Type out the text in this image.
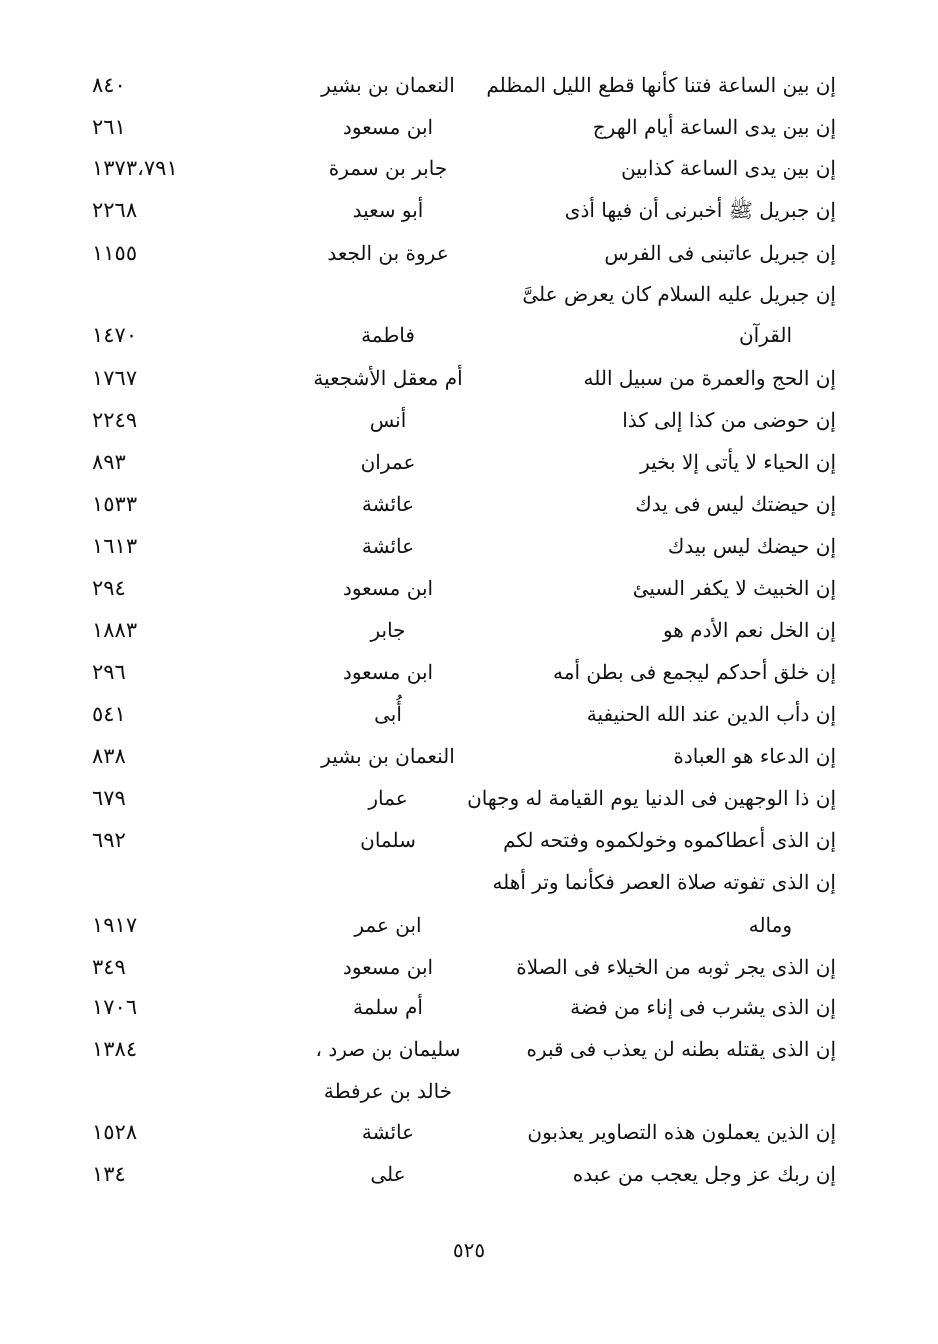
إن بين الساعة فتنا كأنها قطع الليل المظلم
النعمان بن بشير
٨٤٠
إن بين يدى الساعة أيام الهرج
ابن مسعود
٢٦١
إن بين يدى الساعة كذابين
جابر بن سمرة
١٣٧٣،٧٩١
إن جبريل ﷺ أخبرنى أن فيها أذى
أبو سعيد
٢٢٦٨
إن جبريل عاتبنى فى الفرس
عروة بن الجعد
١١٥٥
إن جبريل عليه السلام كان يعرض علىَّ
القرآن
فاطمة
١٤٧٠
إن الحج والعمرة من سبيل الله
أم معقل الأشجعية
١٧٦٧
إن حوضى من كذا إلى كذا
أنس
٢٢٤٩
إن الحياء لا يأتى إلا بخير
عمران
٨٩٣
إن حيضتك ليس فى يدك
عائشة
١٥٣٣
إن حيضك ليس بيدك
عائشة
١٦١٣
إن الخبيث لا يكفر السيئ
ابن مسعود
٢٩٤
إن الخل نعم الأدم هو
جابر
١٨٨٣
إن خلق أحدكم ليجمع فى بطن أمه
ابن مسعود
٢٩٦
إن دأب الدين عند الله الحنيفية
أُبى
٥٤١
إن الدعاء هو العبادة
النعمان بن بشير
٨٣٨
إن ذا الوجهين فى الدنيا يوم القيامة له وجهان
عمار
٦٧٩
إن الذى أعطاكموه وخولكموه وفتحه لكم
سلمان
٦٩٢
إن الذى تفوته صلاة العصر فكأنما وتر أهله
وماله
ابن عمر
١٩١٧
إن الذى يجر ثوبه من الخيلاء فى الصلاة
ابن مسعود
٣٤٩
إن الذى يشرب فى إناء من فضة
أم سلمة
١٧٠٦
إن الذى يقتله بطنه لن يعذب فى قبره
سليمان بن صرد ،
١٣٨٤
خالد بن عرفطة
إن الذين يعملون هذه التصاوير يعذبون
عائشة
١٥٢٨
إن ربك عز وجل يعجب من عبده
على
١٣٤
٥٢٥
